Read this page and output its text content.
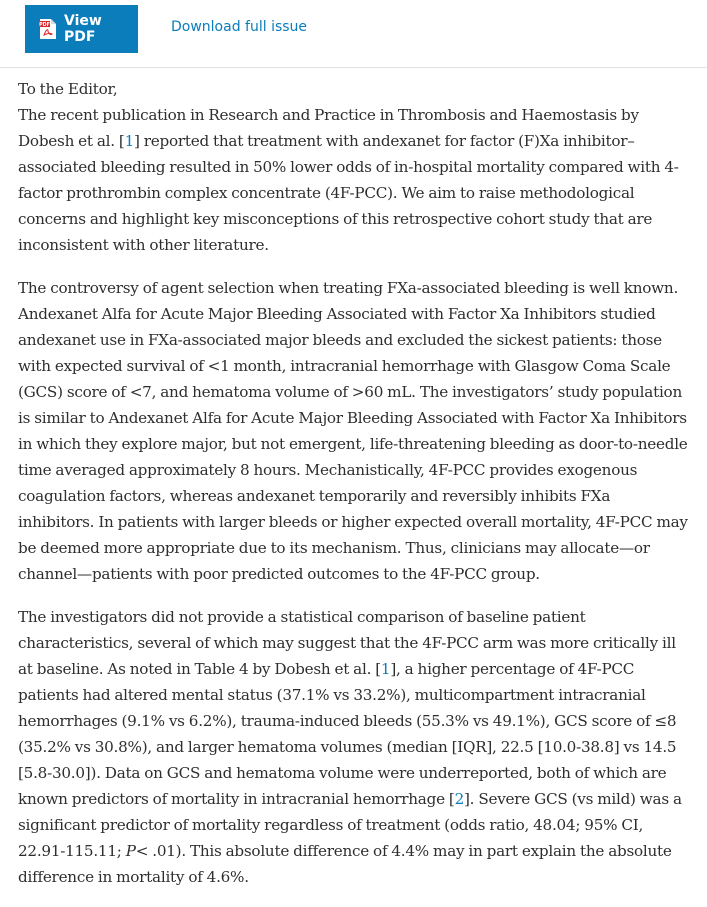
PDF View PDF
Download full issue

To the Editor,
The recent publication in Research and Practice in Thrombosis and Haemostasis by Dobesh et al. [1] reported that treatment with andexanet for factor (F)Xa inhibitor–associated bleeding resulted in 50% lower odds of in-hospital mortality compared with 4-factor prothrombin complex concentrate (4F-PCC). We aim to raise methodological concerns and highlight key misconceptions of this retrospective cohort study that are inconsistent with other literature.

The controversy of agent selection when treating FXa-associated bleeding is well known. Andexanet Alfa for Acute Major Bleeding Associated with Factor Xa Inhibitors studied andexanet use in FXa-associated major bleeds and excluded the sickest patients: those with expected survival of <1 month, intracranial hemorrhage with Glasgow Coma Scale (GCS) score of <7, and hematoma volume of >60 mL. The investigators’ study population is similar to Andexanet Alfa for Acute Major Bleeding Associated with Factor Xa Inhibitors in which they explore major, but not emergent, life-threatening bleeding as door-to-needle time averaged approximately 8 hours. Mechanistically, 4F-PCC provides exogenous coagulation factors, whereas andexanet temporarily and reversibly inhibits FXa inhibitors. In patients with larger bleeds or higher expected overall mortality, 4F-PCC may be deemed more appropriate due to its mechanism. Thus, clinicians may allocate—or channel—patients with poor predicted outcomes to the 4F-PCC group.

The investigators did not provide a statistical comparison of baseline patient characteristics, several of which may suggest that the 4F-PCC arm was more critically ill at baseline. As noted in Table 4 by Dobesh et al. [1], a higher percentage of 4F-PCC patients had altered mental status (37.1% vs 33.2%), multicompartment intracranial hemorrhages (9.1% vs 6.2%), trauma-induced bleeds (55.3% vs 49.1%), GCS score of ≤8 (35.2% vs 30.8%), and larger hematoma volumes (median [IQR], 22.5 [10.0-38.8] vs 14.5 [5.8-30.0]). Data on GCS and hematoma volume were underreported, both of which are known predictors of mortality in intracranial hemorrhage [2]. Severe GCS (vs mild) was a significant predictor of mortality regardless of treatment (odds ratio, 48.04; 95% CI, 22.91-115.11; P< .01). This absolute difference of 4.4% may in part explain the absolute difference in mortality of 4.6%.
